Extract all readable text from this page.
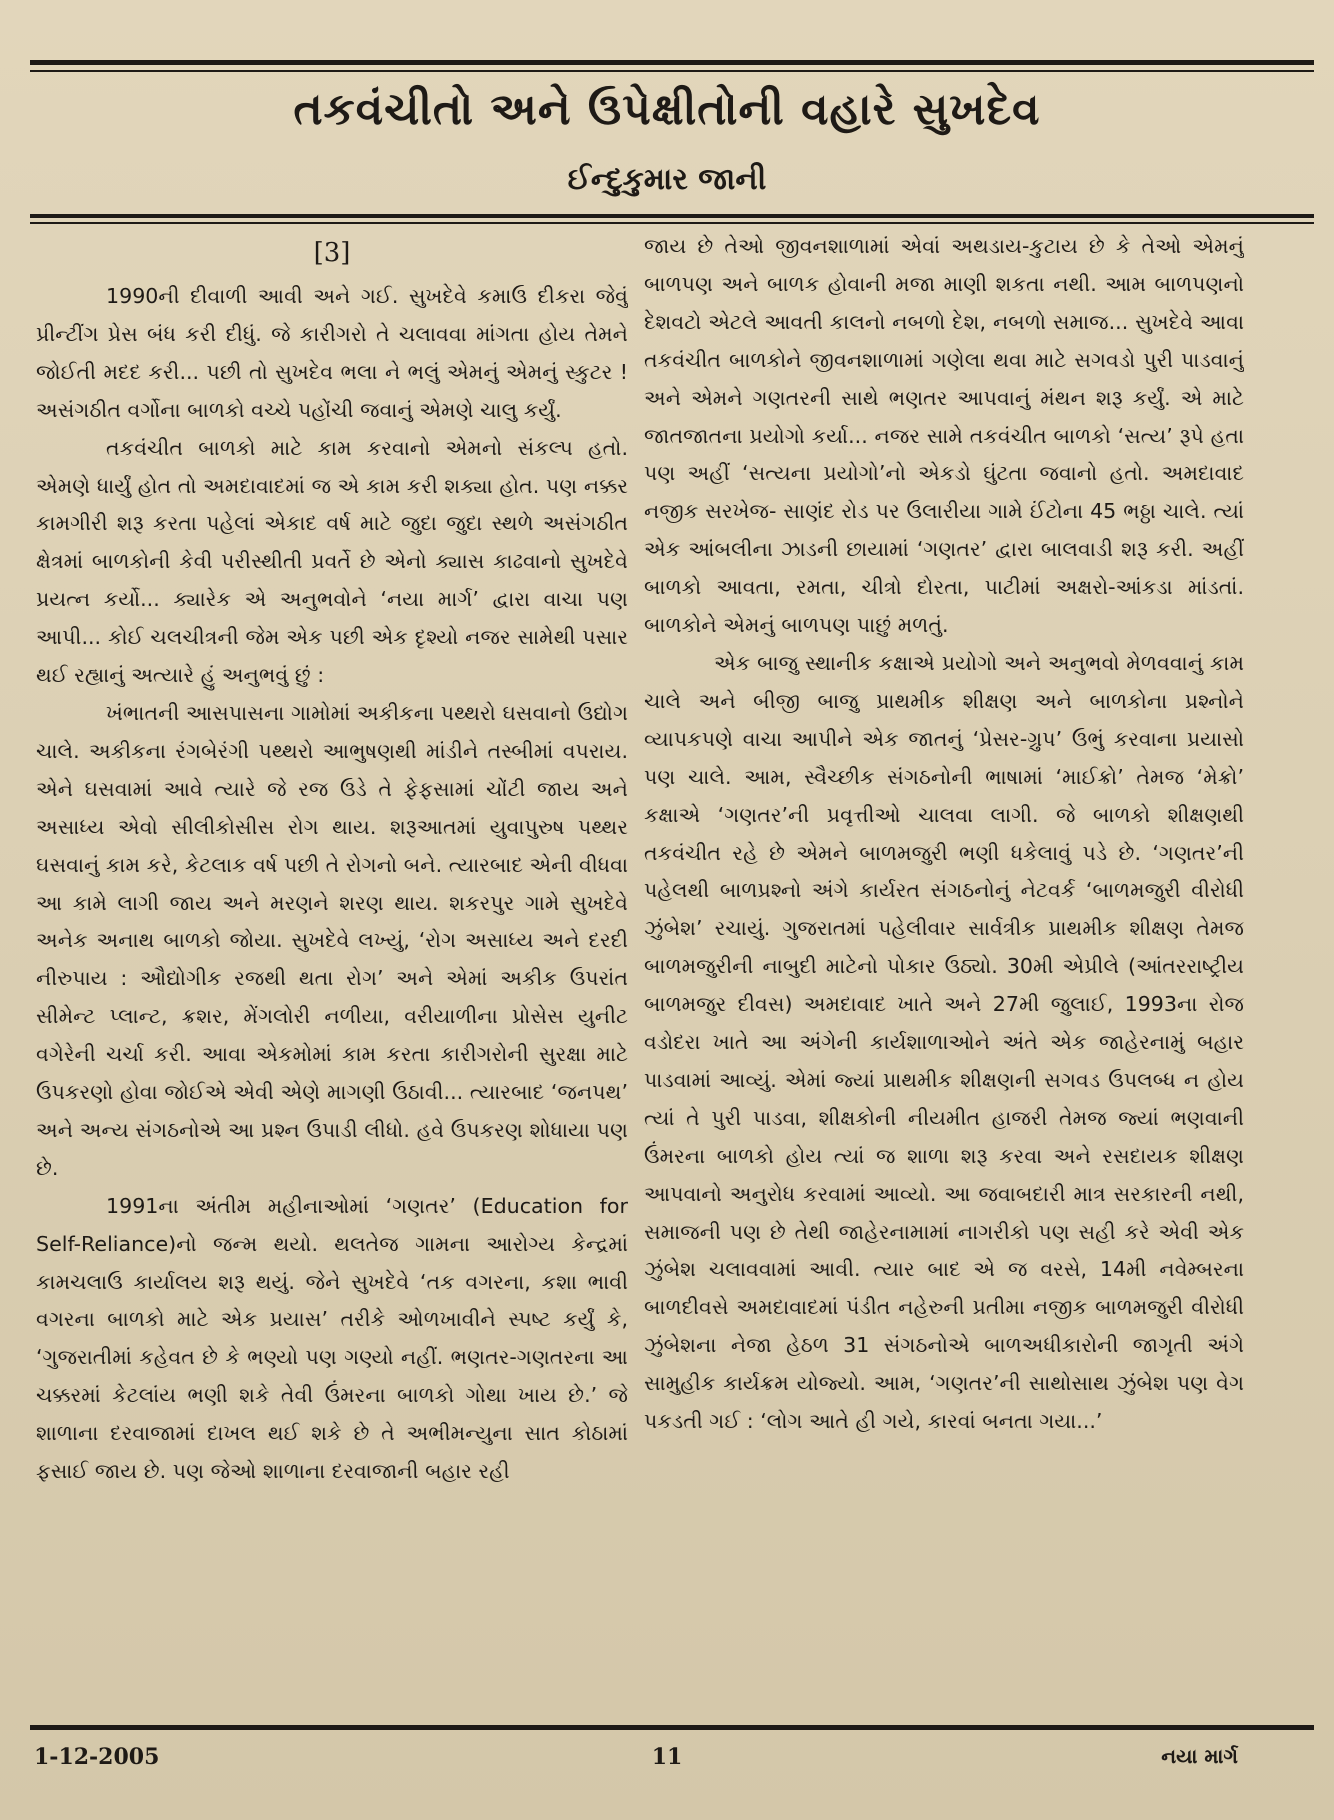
તકવંચીતો અને ઉપેક્ષીતોની વહારે સુખદેવ
ઈન્દુકુમાર જાની

[3]

1990ની દીવાળી આવી અને ગઈ. સુખદેવે કમાઉ દીકરા જેવું પ્રીન્ટીંગ પ્રેસ બંધ કરી દીધું. જે કારીગરો તે ચલાવવા માંગતા હોય તેમને જોઈતી મદદ કરી... પછી તો સુખદેવ ભલા ને ભલું એમનું એમનું સ્કુટર ! અસંગઠીત વર્ગોના બાળકો વચ્ચે પહોંચી જવાનું એમણે ચાલુ કર્યું.

તકવંચીત બાળકો માટે કામ કરવાનો એમનો સંકલ્પ હતો. એમણે ધાર્યું હોત તો અમદાવાદમાં જ એ કામ કરી શક્યા હોત. પણ નક્કર કામગીરી શરૂ કરતા પહેલાં એકાદ વર્ષ માટે જુદા જુદા સ્થળે અસંગઠીત ક્ષેત્રમાં બાળકોની કેવી પરીસ્થીતી પ્રવર્તે છે એનો ક્યાસ કાઢવાનો સુખદેવે પ્રયત્ન કર્યો... ક્યારેક એ અનુભવોને ‘નયા માર્ગ’ દ્વારા વાચા પણ આપી... કોઈ ચલચીત્રની જેમ એક પછી એક દૃશ્યો નજર સામેથી પસાર થઈ રહ્યાનું અત્યારે હું અનુભવું છું :

ખંભાતની આસપાસના ગામોમાં અકીકના પથ્થરો ઘસવાનો ઉદ્યોગ ચાલે. અકીકના રંગબેરંગી પથ્થરો આભુષણથી માંડીને તસ્બીમાં વપરાય. એને ઘસવામાં આવે ત્યારે જે રજ ઉડે તે ફેફસામાં ચોંટી જાય અને અસાધ્ય એવો સીલીકોસીસ રોગ થાય. શરૂઆતમાં યુવાપુરુષ પથ્થર ઘસવાનું કામ કરે, કેટલાક વર્ષ પછી તે રોગનો બને. ત્યારબાદ એની વીધવા આ કામે લાગી જાય અને મરણને શરણ થાય. શકરપુર ગામે સુખદેવે અનેક અનાથ બાળકો જોયા. સુખદેવે લખ્યું, ‘રોગ અસાધ્ય અને દરદી નીરુપાય : ઔદ્યોગીક રજથી થતા રોગ’ અને એમાં અકીક ઉપરાંત સીમેન્ટ પ્લાન્ટ, ક્રશર, મેંગલોરી નળીયા, વરીયાળીના પ્રોસેસ યુનીટ વગેરેની ચર્ચા કરી. આવા એકમોમાં કામ કરતા કારીગરોની સુરક્ષા માટે ઉપકરણો હોવા જોઈએ એવી એણે માગણી ઉઠાવી... ત્યારબાદ ‘જનપથ’ અને અન્ય સંગઠનોએ આ પ્રશ્ન ઉપાડી લીધો. હવે ઉપકરણ શોધાયા પણ છે.

1991ના અંતીમ મહીનાઓમાં ‘ગણતર’ (Education for Self-Reliance)નો જન્મ થયો. થલતેજ ગામના આરોગ્ય કેન્દ્રમાં કામચલાઉ કાર્યાલય શરૂ થયું. જેને સુખદેવે ‘તક વગરના, કશા ભાવી વગરના બાળકો માટે એક પ્રયાસ’ તરીકે ઓળખાવીને સ્પષ્ટ કર્યું કે, ‘ગુજરાતીમાં કહેવત છે કે ભણ્યો પણ ગણ્યો નહીં. ભણતર-ગણતરના આ ચક્કરમાં કેટલાંય ભણી શકે તેવી ઉંમરના બાળકો ગોથા ખાય છે.’ જે શાળાના દરવાજામાં દાખલ થઈ શકે છે તે અભીમન્યુના સાત કોઠામાં ફસાઈ જાય છે. પણ જેઓ શાળાના દરવાજાની બહાર રહી

જાય છે તેઓ જીવનશાળામાં એવાં અથડાય-કુટાય છે કે તેઓ એમનું બાળપણ અને બાળક હોવાની મજા માણી શકતા નથી. આમ બાળપણનો દેશવટો એટલે આવતી કાલનો નબળો દેશ, નબળો સમાજ... સુખદેવે આવા તકવંચીત બાળકોને જીવનશાળામાં ગણેલા થવા માટે સગવડો પુરી પાડવાનું અને એમને ગણતરની સાથે ભણતર આપવાનું મંથન શરૂ કર્યું. એ માટે જાતજાતના પ્રયોગો કર્યા... નજર સામે તકવંચીત બાળકો ‘સત્ય’ રૂપે હતા પણ અહીં ‘સત્યના પ્રયોગો’નો એકડો ઘુંટતા જવાનો હતો. અમદાવાદ નજીક સરખેજ- સાણંદ રોડ પર ઉલારીયા ગામે ઈંટોના 45 ભઠ્ઠા ચાલે. ત્યાં એક આંબલીના ઝાડની છાયામાં ‘ગણતર’ દ્વારા બાલવાડી શરૂ કરી. અહીં બાળકો આવતા, રમતા, ચીત્રો દોરતા, પાટીમાં અક્ષરો-આંકડા માંડતાં. બાળકોને એમનું બાળપણ પાછું મળતું.

એક બાજુ સ્થાનીક કક્ષાએ પ્રયોગો અને અનુભવો મેળવવાનું કામ ચાલે અને બીજી બાજુ પ્રાથમીક શીક્ષણ અને બાળકોના પ્રશ્નોને વ્યાપકપણે વાચા આપીને એક જાતનું ‘પ્રેસર-ગ્રુપ’ ઉભું કરવાના પ્રયાસો પણ ચાલે. આમ, સ્વૈચ્છીક સંગઠનોની ભાષામાં ‘માઈક્રો’ તેમજ ‘મેક્રો’ કક્ષાએ ‘ગણતર’ની પ્રવૃત્તીઓ ચાલવા લાગી. જે બાળકો શીક્ષણથી તકવંચીત રહે છે એમને બાળમજુરી ભણી ધકેલાવું પડે છે. ‘ગણતર’ની પહેલથી બાળપ્રશ્નો અંગે કાર્યરત સંગઠનોનું નેટવર્ક ‘બાળમજુરી વીરોધી ઝુંબેશ’ રચાયું. ગુજરાતમાં પહેલીવાર સાર્વત્રીક પ્રાથમીક શીક્ષણ તેમજ બાળમજુરીની નાબુદી માટેનો પોકાર ઉઠ્યો. 30મી એપ્રીલે (આંતરરાષ્ટ્રીય બાળમજુર દીવસ) અમદાવાદ ખાતે અને 27મી જુલાઈ, 1993ના રોજ વડોદરા ખાતે આ અંગેની કાર્યશાળાઓને અંતે એક જાહેરનામું બહાર પાડવામાં આવ્યું. એમાં જ્યાં પ્રાથમીક શીક્ષણની સગવડ ઉપલબ્ધ ન હોય ત્યાં તે પુરી પાડવા, શીક્ષકોની નીયમીત હાજરી તેમજ જ્યાં ભણવાની ઉંમરના બાળકો હોય ત્યાં જ શાળા શરૂ કરવા અને રસદાયક શીક્ષણ આપવાનો અનુરોધ કરવામાં આવ્યો. આ જવાબદારી માત્ર સરકારની નથી, સમાજની પણ છે તેથી જાહેરનામામાં નાગરીકો પણ સહી કરે એવી એક ઝુંબેશ ચલાવવામાં આવી. ત્યાર બાદ એ જ વરસે, 14મી નવેમ્બરના બાળદીવસે અમદાવાદમાં પંડીત નહેરુની પ્રતીમા નજીક બાળમજુરી વીરોધી ઝુંબેશના નેજા હેઠળ 31 સંગઠનોએ બાળઅધીકારોની જાગૃતી અંગે સામુહીક કાર્યક્રમ યોજ્યો. આમ, ‘ગણતર’ની સાથોસાથ ઝુંબેશ પણ વેગ પકડતી ગઈ : ‘લોગ આતે હી ગયે, કારવાં બનતા ગયા...’

1-12-2005	11	નયા માર્ગ
